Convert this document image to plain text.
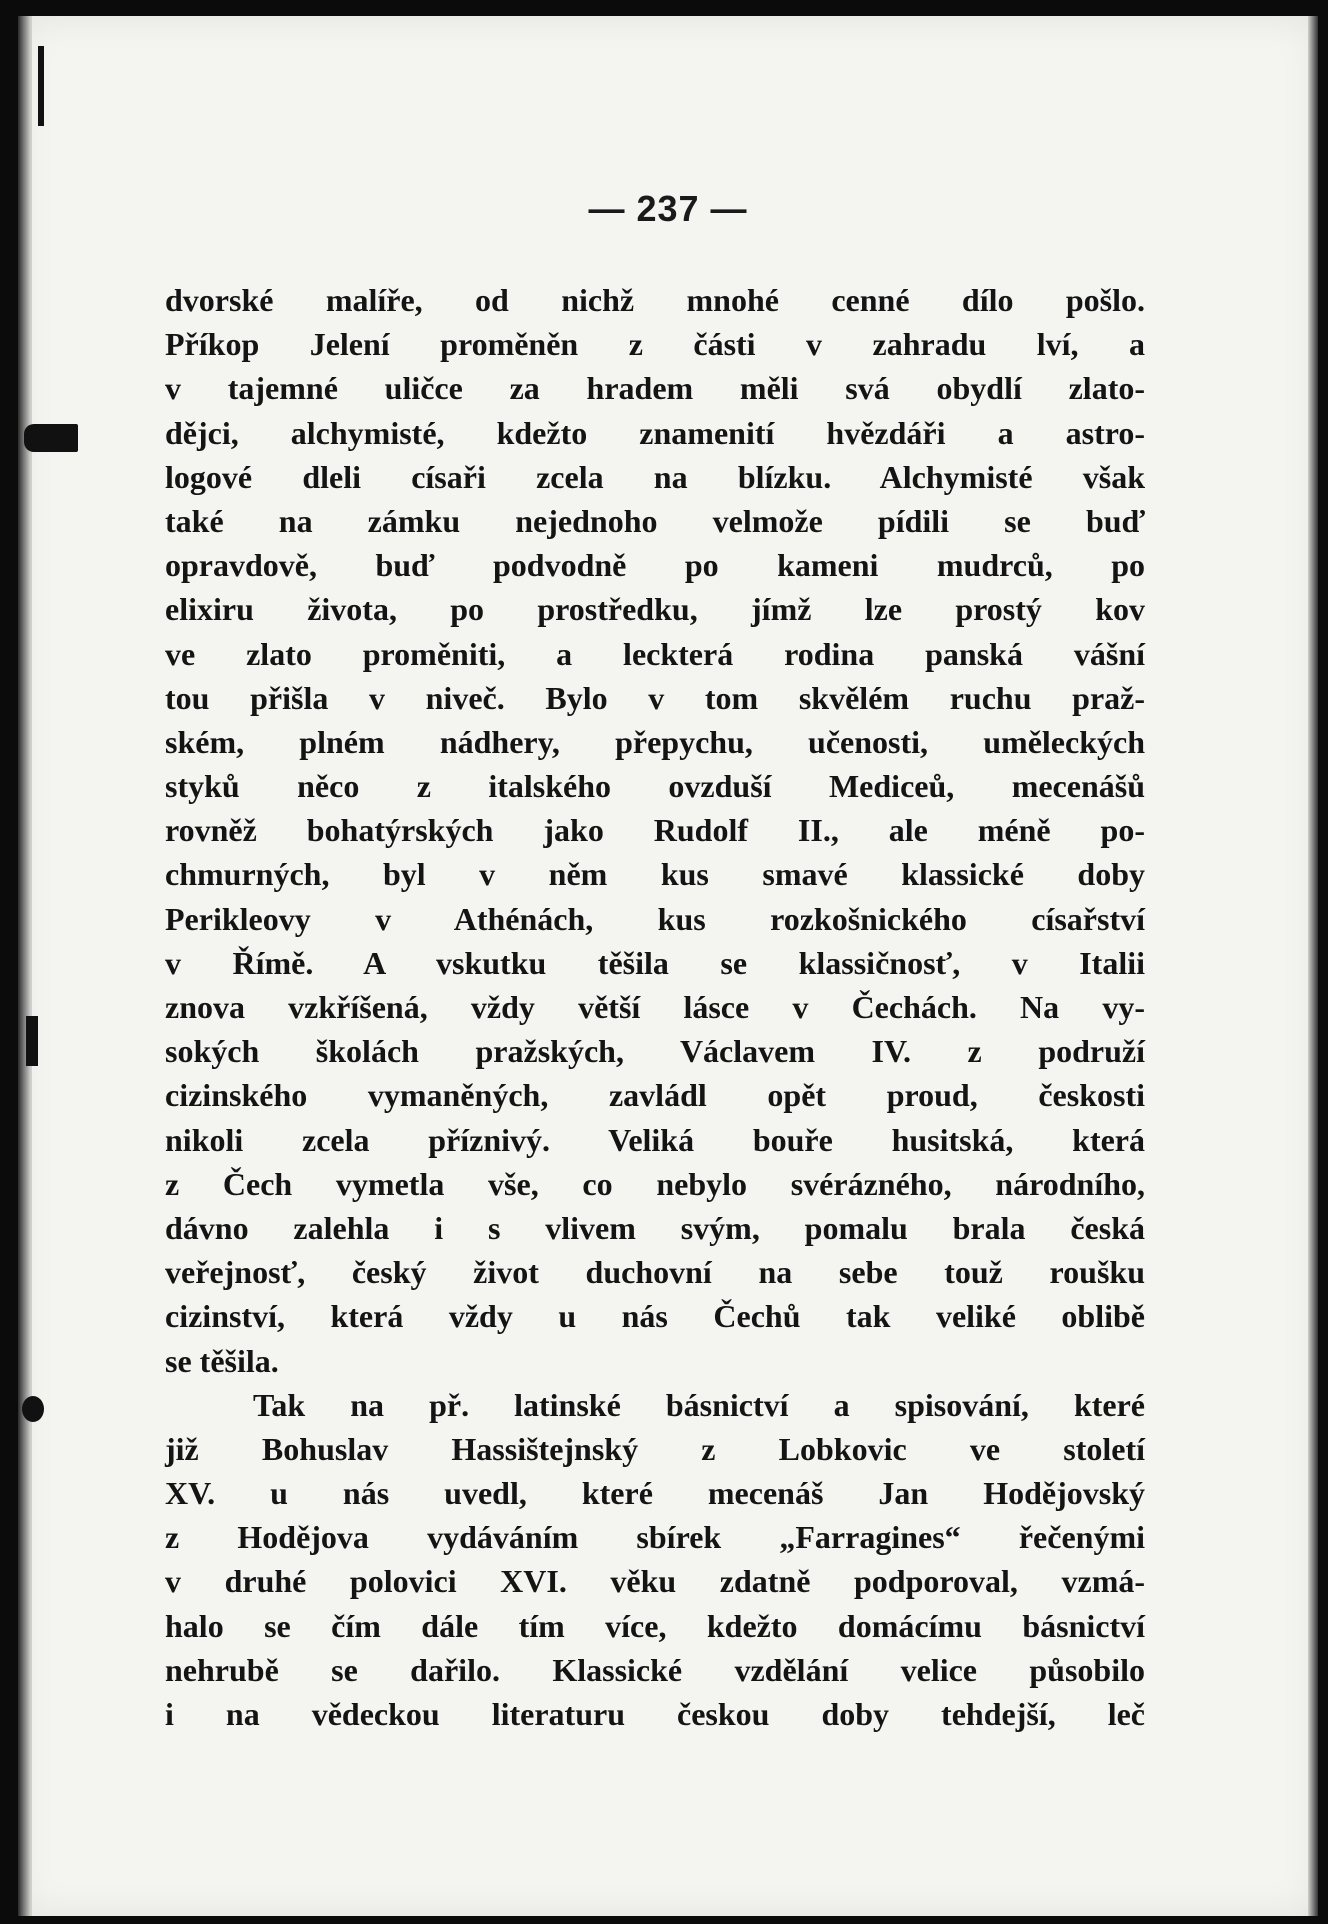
— 237 —
dvorské malíře, od nichž mnohé cenné dílo pošlo.
Příkop Jelení proměněn z části v zahradu lví, a
v tajemné uličce za hradem měli svá obydlí zlato-
dějci, alchymisté, kdežto znamenití hvězdáři a astro-
logové dleli císaři zcela na blízku. Alchymisté však
také na zámku nejednoho velmože pídili se buď
opravdově, buď podvodně po kameni mudrců, po
elixiru života, po prostředku, jímž lze prostý kov
ve zlato proměniti, a leckterá rodina panská vášní
tou přišla v niveč. Bylo v tom skvělém ruchu praž-
ském, plném nádhery, přepychu, učenosti, uměleckých
styků něco z italského ovzduší Mediceů, mecenášů
rovněž bohatýrských jako Rudolf II., ale méně po-
chmurných, byl v něm kus smavé klassické doby
Perikleovy v Athénách, kus rozkošnického císařství
v Římě. A vskutku těšila se klassičnosť, v Italii
znova vzkříšená, vždy větší lásce v Čechách. Na vy-
sokých školách pražských, Václavem IV. z podruží
cizinského vymaněných, zavládl opět proud, českosti
nikoli zcela příznivý. Veliká bouře husitská, která
z Čech vymetla vše, co nebylo svérázného, národního,
dávno zalehla i s vlivem svým, pomalu brala česká
veřejnosť, český život duchovní na sebe touž roušku
cizinství, která vždy u nás Čechů tak veliké oblibě
se těšila.
Tak na př. latinské básnictví a spisování, které
již Bohuslav Hassištejnský z Lobkovic ve století
XV. u nás uvedl, které mecenáš Jan Hodějovský
z Hodějova vydáváním sbírek „Farragines“ řečenými
v druhé polovici XVI. věku zdatně podporoval, vzmá-
halo se čím dále tím více, kdežto domácímu básnictví
nehrubě se dařilo. Klassické vzdělání velice působilo
i na vědeckou literaturu českou doby tehdejší, leč
